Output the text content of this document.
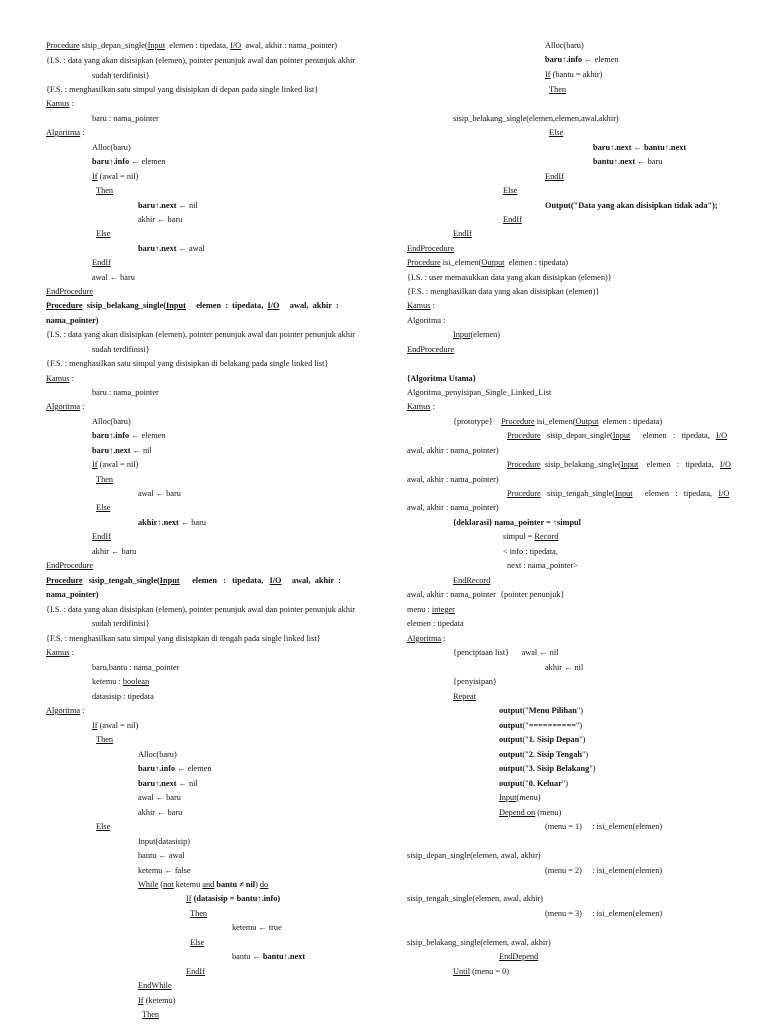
Procedure sisip_depan_single(Input  elemen : tipedata, I/O  awal, akhir : nama_pointer)
{I.S. : data yang akan disisipkan (elemen), pointer penunjuk awal dan pointer penunjuk akhir
sudah terdifinisi}
{F.S. : menghasilkan satu simpul yang disisipkan di depan pada single linked list}
Kamus :
baru : nama_pointer
Algoritma :
Alloc(baru)
baru↑.info ← elemen
If (awal = nil)
Then
baru↑.next ← nil
akhir ← baru
Else
baru↑.next ← awal
EndIf
awal ← baru
EndProcedure
Procedure  sisip_belakang_single(Input     elemen  :  tipedata,  I/O     awal,  akhir  :
nama_pointer)
{I.S. : data yang akan disisipkan (elemen), pointer penunjuk awal dan pointer penunjuk akhir
sudah terdifinisi}
{F.S. : menghasilkan satu simpul yang disisipkan di belakang pada single linked list}
Kamus :
baru : nama_pointer
Algoritma :
Alloc(baru)
baru↑.info ← elemen
baru↑.next ← nil
If (awal = nil)
Then
awal ← baru
Else
akhir↑.next ← baru
EndIf
akhir ← baru
EndProcedure
Procedure   sisip_tengah_single(Input      elemen   :   tipedata,   I/O     awal,  akhir  :
nama_pointer)
{I.S. : data yang akan disisipkan (elemen), pointer penunjuk awal dan pointer penunjuk akhir
sudah terdifinisi}
{F.S. : menghasilkan satu simpul yang disisipkan di tengah pada single linked list}
Kamus :
baru,bantu : nama_pointer
ketemu : boolean
datasisip : tipedata
Algoritma :
If (awal = nil)
Then
Alloc(baru)
baru↑.info ← elemen
baru↑.next ← nil
awal ← baru
akhir ← baru
Else
Input(datasisip)
bantu ← awal
ketemu ← false
While (not ketemu and bantu ≠ nil) do
If (datasisip = bantu↑.info)
Then
ketemu ← true
Else
bantu ← bantu↑.next
EndIf
EndWhile
If (ketemu)
Then
Alloc(baru)
baru↑.info ← elemen
If (bantu = akhir)
Then
sisip_belakang_single(elemen,elemen,awal,akhir)
Else
baru↑.next ← bantu↑.next
bantu↑.next ← baru
EndIf
Else
Output("Data yang akan disisipkan tidak ada");
EndIf
EndIf
EndProcedure
Procedure isi_elemen(Output  elemen : tipedata)
{I.S. : user memasukkan data yang akan disisipkan (elemen)}
{F.S. : menghasilkan data yang akan disisipkan (elemen)}
Kamus :
Algoritma :
Input(elemen)
EndProcedure
{Algoritma Utama}
Algoritma_penyisipan_Single_Linked_List
Kamus :
{prototype}    Procedure isi_elemen(Output  elemen : tipedata)
Procedure   sisip_depan_single(Input      elemen   :   tipedata,   I/O
awal, akhir : nama_pointer)
Procedure  sisip_belakang_single(Input    elemen   :   tipedata,   I/O
awal, akhir : nama_pointer)
Procedure   sisip_tengah_single(Input      elemen   :   tipedata,   I/O
awal, akhir : nama_pointer)
{deklarasi} nama_pointer = ↑simpul
simpul = Record
< info : tipedata,
next : nama_pointer>
EndRecord
awal, akhir : nama_pointer  {pointer penunjuk}
menu : integer
elemen : tipedata
Algoritma :
{penciptaan list}      awal ← nil
akhir ← nil
{penyisipan}
Repeat
output("Menu Pilihan")
output("==========")
output("1. Sisip Depan")
output("2. Sisip Tengah")
output("3. Sisip Belakang")
output("0. Keluar")
Input(menu)
Depend on (menu)
(menu = 1)     : isi_elemen(elemen)
sisip_depan_single(elemen, awal, akhir)
(menu = 2)     : isi_elemen(elemen)
sisip_tengah_single(elemen, awal, akhir)
(menu = 3)     : isi_elemen(elemen)
sisip_belakang_single(elemen, awal, akhir)
EndDepend
Until (menu = 0)
